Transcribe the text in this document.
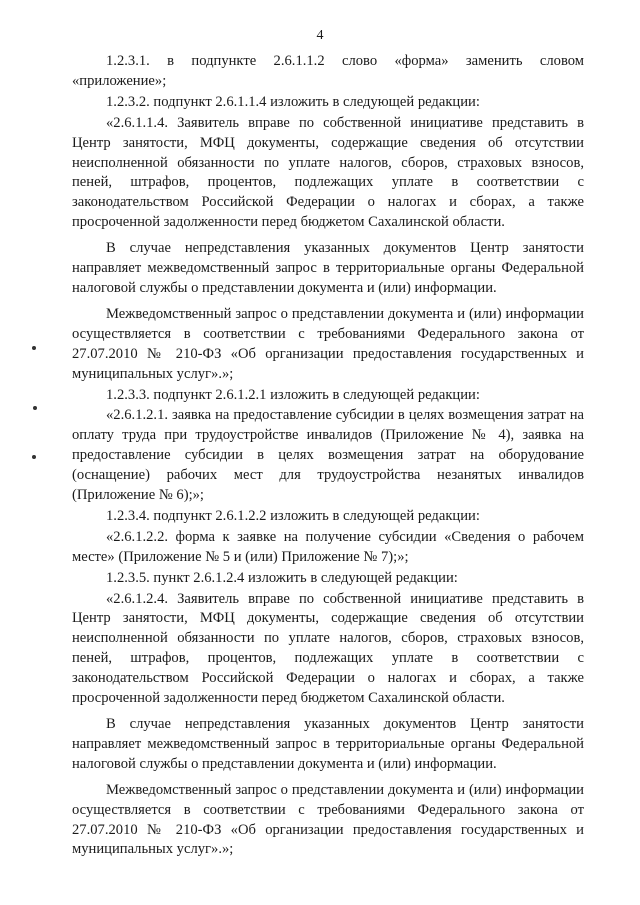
4

1.2.3.1. в подпункте 2.6.1.1.2 слово «форма» заменить словом «приложение»;

1.2.3.2. подпункт 2.6.1.1.4 изложить в следующей редакции:

«2.6.1.1.4. Заявитель вправе по собственной инициативе представить в Центр занятости, МФЦ документы, содержащие сведения об отсутствии неисполненной обязанности по уплате налогов, сборов, страховых взносов, пеней, штрафов, процентов, подлежащих уплате в соответствии с законодательством Российской Федерации о налогах и сборах, а также просроченной задолженности перед бюджетом Сахалинской области.

В случае непредставления указанных документов Центр занятости направляет межведомственный запрос в территориальные органы Федеральной налоговой службы о представлении документа и (или) информации.

Межведомственный запрос о представлении документа и (или) информации осуществляется в соответствии с требованиями Федерального закона от 27.07.2010 № 210-ФЗ «Об организации предоставления государственных и муниципальных услуг».»;

1.2.3.3. подпункт 2.6.1.2.1 изложить в следующей редакции:

«2.6.1.2.1. заявка на предоставление субсидии в целях возмещения затрат на оплату труда при трудоустройстве инвалидов (Приложение № 4), заявка на предоставление субсидии в целях возмещения затрат на оборудование (оснащение) рабочих мест для трудоустройства незанятых инвалидов (Приложение № 6);»;

1.2.3.4. подпункт 2.6.1.2.2 изложить в следующей редакции:

«2.6.1.2.2. форма к заявке на получение субсидии «Сведения о рабочем месте» (Приложение № 5 и (или) Приложение № 7);»;

1.2.3.5. пункт 2.6.1.2.4 изложить в следующей редакции:

«2.6.1.2.4. Заявитель вправе по собственной инициативе представить в Центр занятости, МФЦ документы, содержащие сведения об отсутствии неисполненной обязанности по уплате налогов, сборов, страховых взносов, пеней, штрафов, процентов, подлежащих уплате в соответствии с законодательством Российской Федерации о налогах и сборах, а также просроченной задолженности перед бюджетом Сахалинской области.

В случае непредставления указанных документов Центр занятости направляет межведомственный запрос в территориальные органы Федеральной налоговой службы о представлении документа и (или) информации.

Межведомственный запрос о представлении документа и (или) информации осуществляется в соответствии с требованиями Федерального закона от 27.07.2010 № 210-ФЗ «Об организации предоставления государственных и муниципальных услуг».»;
